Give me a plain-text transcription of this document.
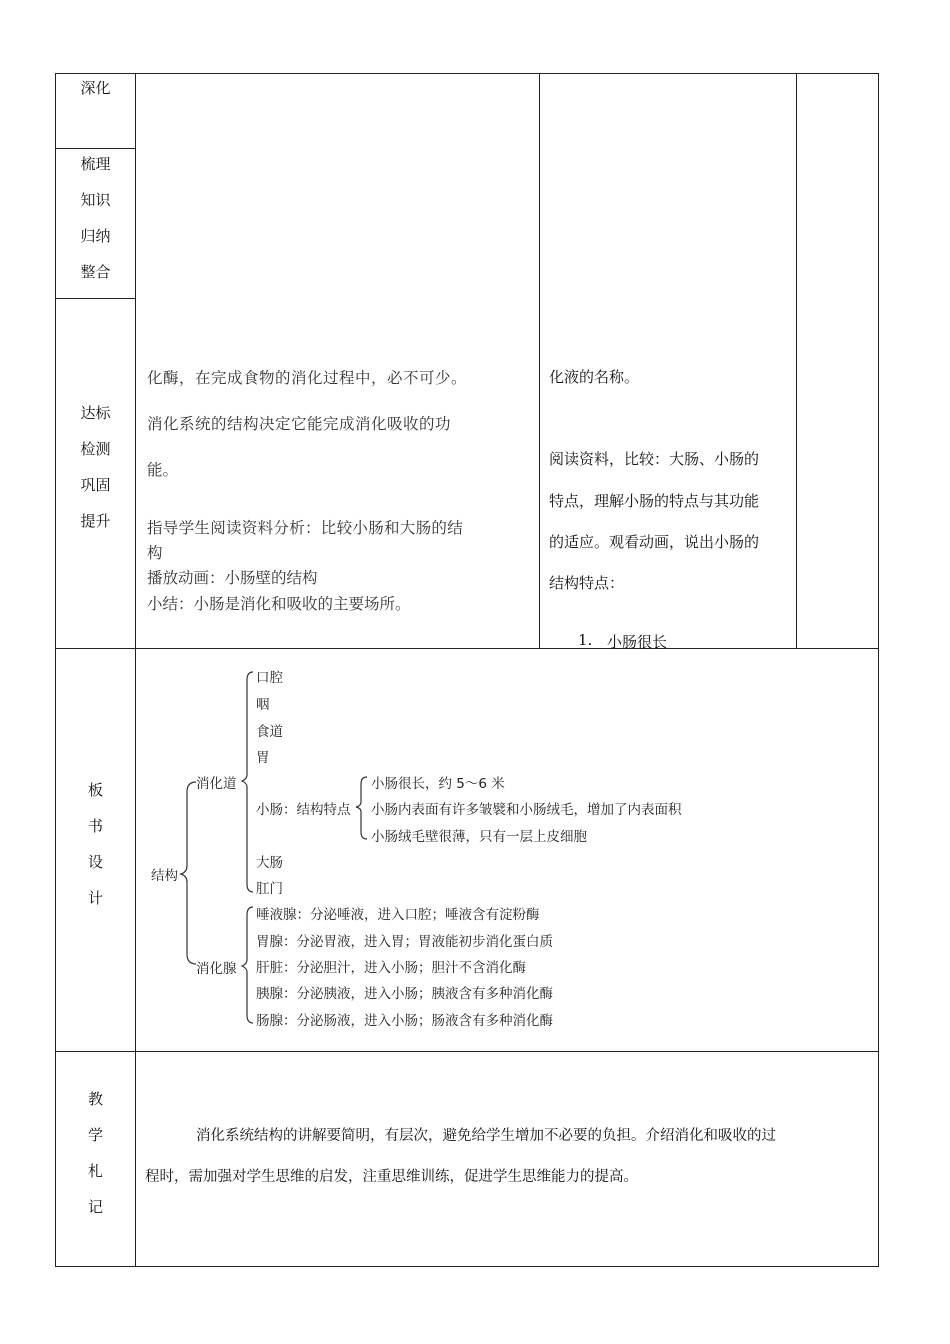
深化
梳理
知识
归纳
整合
达标
检测
巩固
提升
板
书
设
计
教
学
札
记
化酶，在完成食物的消化过程中，必不可少。
消化系统的结构决定它能完成消化吸收的功
能。
指导学生阅读资料分析：比较小肠和大肠的结
构
播放动画：小肠壁的结构
小结：小肠是消化和吸收的主要场所。
化液的名称。
阅读资料，比较：大肠、小肠的
特点，理解小肠的特点与其功能
的适应。观看动画，说出小肠的
结构特点：
1. 小肠很长
结构
消化道
口腔
咽
食道
胃
小肠：结构特点
小肠很长，约 5～6 米
小肠内表面有许多皱襞和小肠绒毛，增加了内表面积
小肠绒毛壁很薄，只有一层上皮细胞
大肠
肛门
消化腺
唾液腺：分泌唾液，进入口腔；唾液含有淀粉酶
胃腺：分泌胃液，进入胃；胃液能初步消化蛋白质
肝脏：分泌胆汁，进入小肠；胆汁不含消化酶
胰腺：分泌胰液，进入小肠；胰液含有多种消化酶
肠腺：分泌肠液，进入小肠；肠液含有多种消化酶
消化系统结构的讲解要简明，有层次，避免给学生增加不必要的负担。介绍消化和吸收的过
程时，需加强对学生思维的启发，注重思维训练，促进学生思维能力的提高。
